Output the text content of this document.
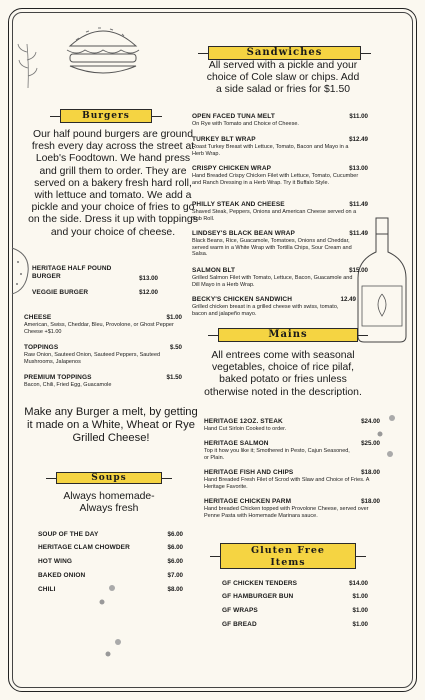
Burgers
Our half pound burgers are ground fresh every day across the street at Loeb's Foodtown. We hand press and grill them to order. They are served on a bakery fresh hard roll, with lettuce and tomato. We add a pickle and your choice of fries to go on the side. Dress it up with toppings and your choice of cheese.
HERITAGE HALF POUND BURGER	$13.00
VEGGIE BURGER	$12.00
CHEESE	$1.00
American, Swiss, Cheddar, Bleu, Provolone, or Ghost Pepper Cheese +$1.00
TOPPINGS	$.50
Raw Onion, Sauteed Onion, Sauteed Peppers, Sauteed Mushrooms, Jalapenos
PREMIUM TOPPINGS	$1.50
Bacon, Chili, Fried Egg, Guacamole
Make any Burger a melt, by getting it made on a White, Wheat or Rye Grilled Cheese!
Soups
Always homemade- Always fresh
SOUP OF THE DAY	$6.00
HERITAGE CLAM CHOWDER	$6.00
HOT WING	$6.00
BAKED ONION	$7.00
CHILI	$8.00
Sandwiches
All served with a pickle and your choice of Cole slaw or chips. Add a side salad or fries for $1.50
OPEN FACED TUNA MELT	$11.00
On Rye with Tomato and Choice of Cheese.
TURKEY BLT WRAP	$12.49
Roast Turkey Breast with Lettuce, Tomato, Bacon and Mayo in a Herb Wrap.
CRISPY CHICKEN WRAP	$13.00
Hand Breaded Crispy Chicken Filet with Lettuce, Tomato, Cucumber and Ranch Dressing in a Herb Wrap. Try it Buffalo Style.
PHILLY STEAK AND CHEESE	$11.49
Shaved Steak, Peppers, Onions and American Cheese served on a Sub Roll.
LINDSEY'S BLACK BEAN WRAP	$11.49
Black Beans, Rice, Guacamole, Tomatoes, Onions and Cheddar, served warm in a White Wrap with Tortilla Chips, Sour Cream and Salsa.
SALMON BLT	$15.00
Grilled Salmon Filet with Tomato, Lettuce, Bacon, Guacamole and Dill Mayo in a Herb Wrap.
BECKY'S CHICKEN SANDWICH	12.49
Grilled chicken breast in a grilled cheese with swiss, tomato, bacon and jalapeño mayo.
Mains
All entrees come with seasonal vegetables, choice of rice pilaf, baked potato or fries unless otherwise noted in the description.
HERITAGE 12OZ. STEAK	$24.00
Hand Cut Sirloin Cooked to order.
HERITAGE SALMON	$25.00
Top it how you like it; Smothered in Pesto, Cajun Seasoned, or Plain.
HERITAGE FISH AND CHIPS	$18.00
Hand Breaded Fresh Filet of Scrod with Slaw and Choice of Fries. A Heritage Favorite.
HERITAGE CHICKEN PARM	$18.00
Hand breaded Chicken topped with Provolone Cheese, served over Penne Pasta with Homemade Marinara sauce.
Gluten Free Items
GF CHICKEN TENDERS	$14.00
GF HAMBURGER BUN	$1.00
GF WRAPS	$1.00
GF BREAD	$1.00
